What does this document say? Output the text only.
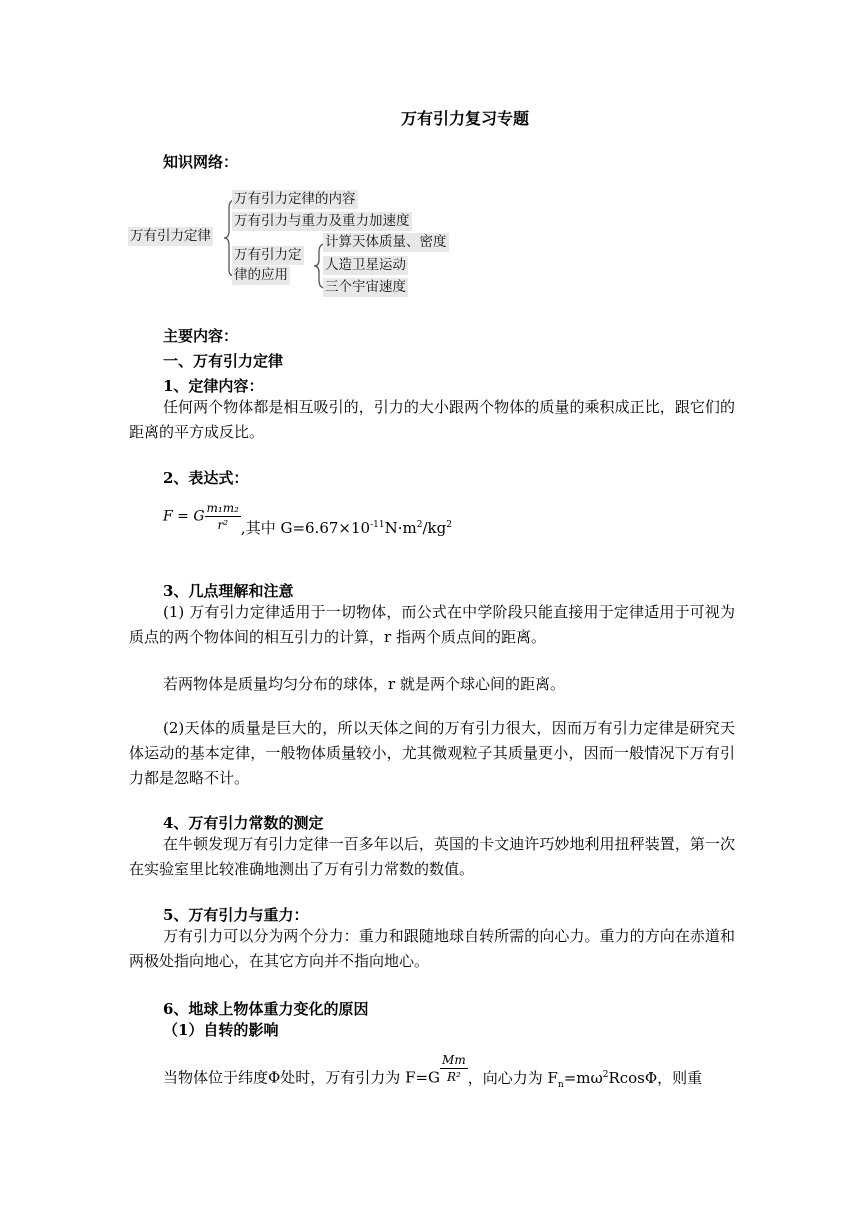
万有引力复习专题
知识网络：
万有引力定律
万有引力定律的内容
万有引力与重力及重力加速度
万有引力定
律的应用
计算天体质量、密度
人造卫星运动
三个宇宙速度
主要内容：
一、万有引力定律
1、定律内容：
任何两个物体都是相互吸引的，引力的大小跟两个物体的质量的乘积成正比，跟它们的距离的平方成反比。
2、表达式：
F = G $\frac{\text{m₁m₂}}{\text{r²}}$ ,其中 $G=6.67\times 10^{-11}N\cdot m^2/kg^2$
3、几点理解和注意
(1) 万有引力定律适用于一切物体，而公式在中学阶段只能直接用于定律适用于可视为质点的两个物体间的相互引力的计算，r 指两个质点间的距离。
若两物体是质量均匀分布的球体，r 就是两个球心间的距离。
(2)天体的质量是巨大的，所以天体之间的万有引力很大，因而万有引力定律是研究天体运动的基本定律，一般物体质量较小，尤其微观粒子其质量更小，因而一般情况下万有引力都是忽略不计。
4、万有引力常数的测定
在牛顿发现万有引力定律一百多年以后，英国的卡文迪许巧妙地利用扭秤装置，第一次在实验室里比较准确地测出了万有引力常数的数值。
5、万有引力与重力：
万有引力可以分为两个分力：重力和跟随地球自转所需的向心力。重力的方向在赤道和两极处指向地心，在其它方向并不指向地心。
6、地球上物体重力变化的原因
（1）自转的影响
当物体位于纬度Φ处时，万有引力为 $F=G \frac{Mm}{\text{R²}}$ ，向心力为 $F_n=m\omega^2Rcos\Phi$，则重
